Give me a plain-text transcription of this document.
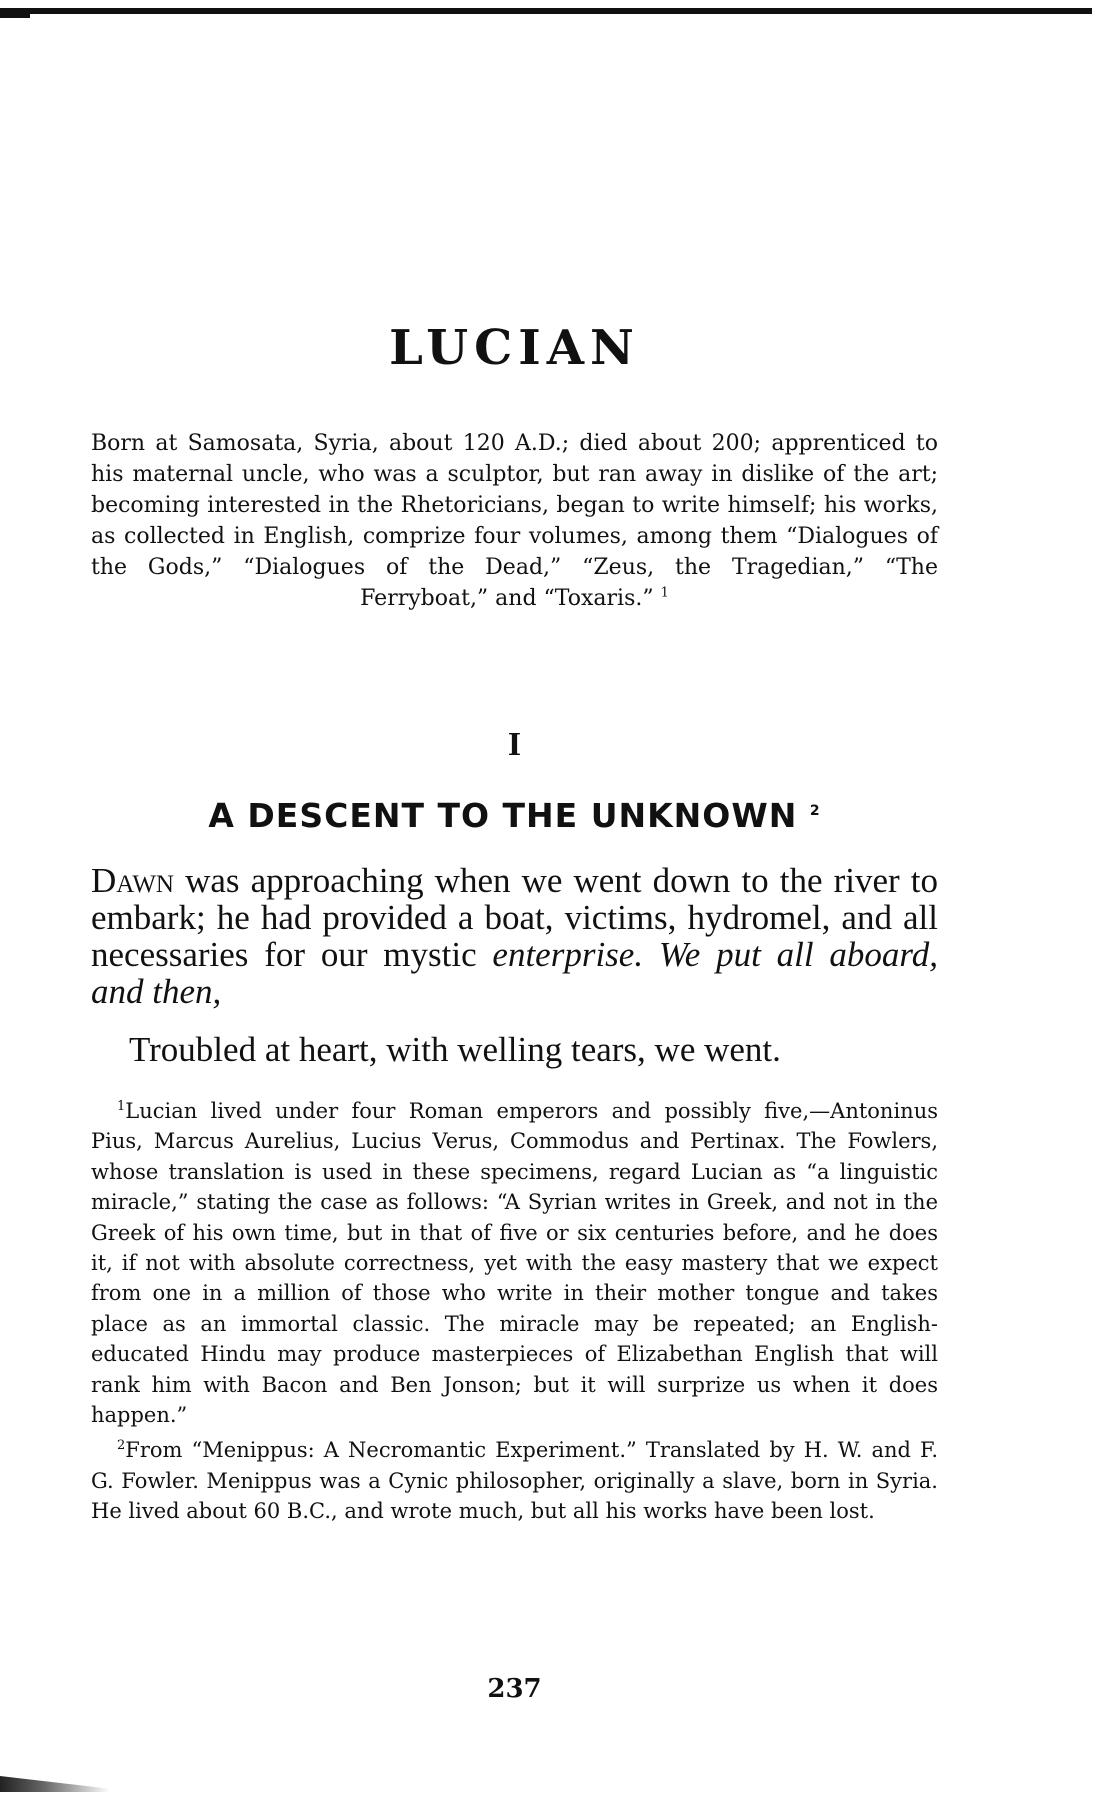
LUCIAN

Born at Samosata, Syria, about 120 A.D.; died about 200; apprenticed to his maternal uncle, who was a sculptor, but ran away in dislike of the art; becoming interested in the Rhetoricians, began to write himself; his works, as collected in English, comprize four volumes, among them “Dialogues of the Gods,” “Dialogues of the Dead,” “Zeus, the Tragedian,” “The Ferryboat,” and “Toxaris.” $^1$

I
A DESCENT TO THE UNKNOWN $^2$

Dawn was approaching when we went down to the river to embark; he had provided a boat, victims, hydromel, and all necessaries for our mystic enterprise. We put all aboard, and then,

Troubled at heart, with welling tears, we went.

$^1$Lucian lived under four Roman emperors and possibly five,—Antoninus Pius, Marcus Aurelius, Lucius Verus, Commodus and Pertinax. The Fowlers, whose translation is used in these specimens, regard Lucian as “a linguistic miracle,” stating the case as follows: “A Syrian writes in Greek, and not in the Greek of his own time, but in that of five or six centuries before, and he does it, if not with absolute correctness, yet with the easy mastery that we expect from one in a million of those who write in their mother tongue and takes place as an immortal classic. The miracle may be repeated; an English-educated Hindu may produce masterpieces of Elizabethan English that will rank him with Bacon and Ben Jonson; but it will surprize us when it does happen.”

$^2$From “Menippus: A Necromantic Experiment.” Translated by H. W. and F. G. Fowler. Menippus was a Cynic philosopher, originally a slave, born in Syria. He lived about 60 B.C., and wrote much, but all his works have been lost.

237
